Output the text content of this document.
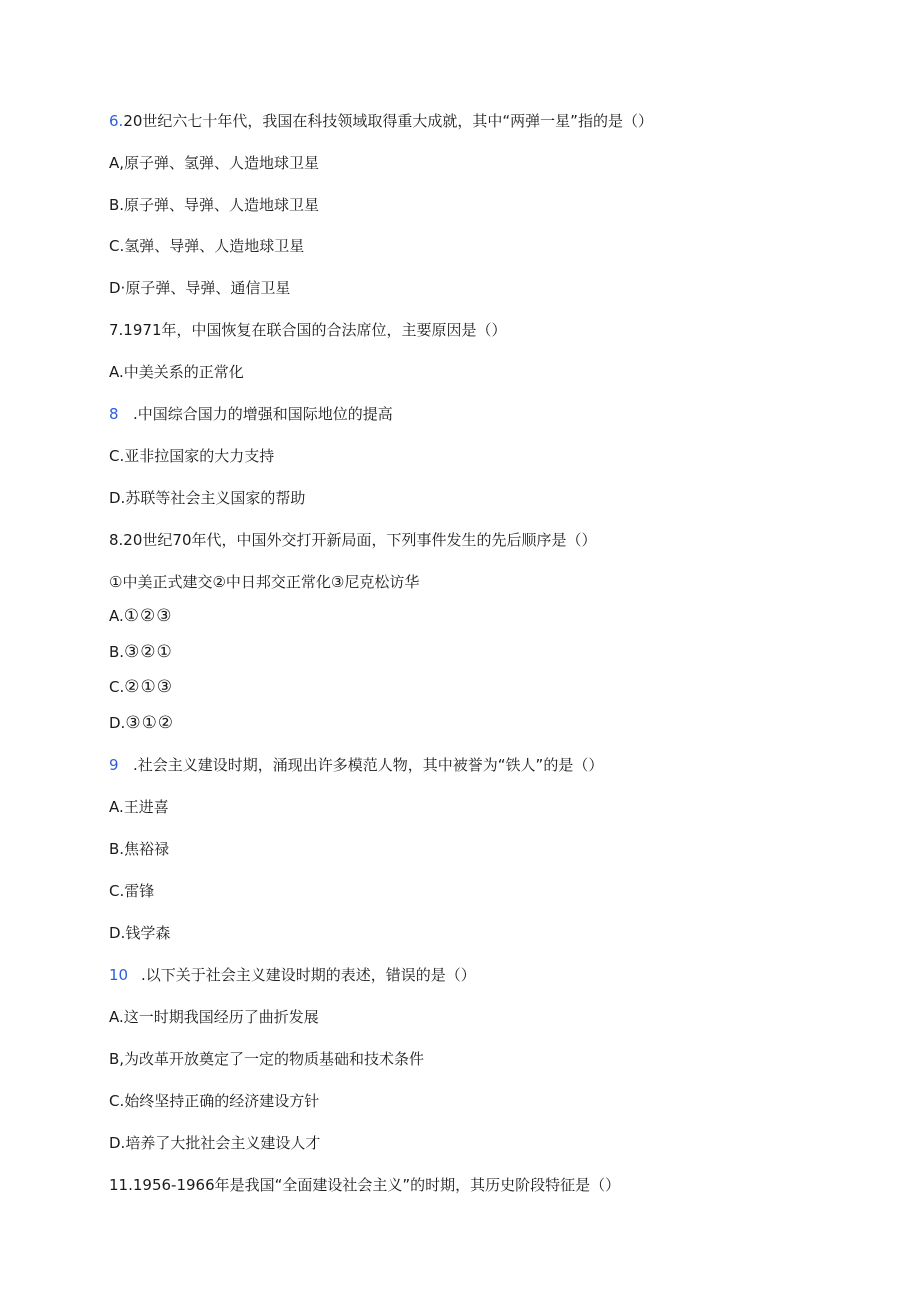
6.20世纪六七十年代，我国在科技领域取得重大成就，其中“两弹一星”指的是（）
A,原子弹、氢弹、人造地球卫星
B.原子弹、导弹、人造地球卫星
C.氢弹、导弹、人造地球卫星
D·原子弹、导弹、通信卫星
7.1971年，中国恢复在联合国的合法席位，主要原因是（）
A.中美关系的正常化
8 .中国综合国力的增强和国际地位的提高
C.亚非拉国家的大力支持
D.苏联等社会主义国家的帮助
8.20世纪70年代，中国外交打开新局面，下列事件发生的先后顺序是（）
①中美正式建交②中日邦交正常化③尼克松访华
A.①②③
B.③②①
C.②①③
D.③①②
9 .社会主义建设时期，涌现出许多模范人物，其中被誉为“铁人”的是（）
A.王进喜
B.焦裕禄
C.雷锋
D.钱学森
10 .以下关于社会主义建设时期的表述，错误的是（）
A.这一时期我国经历了曲折发展
B,为改革开放奠定了一定的物质基础和技术条件
C.始终坚持正确的经济建设方针
D.培养了大批社会主义建设人才
11.1956-1966年是我国“全面建设社会主义”的时期，其历史阶段特征是（）
